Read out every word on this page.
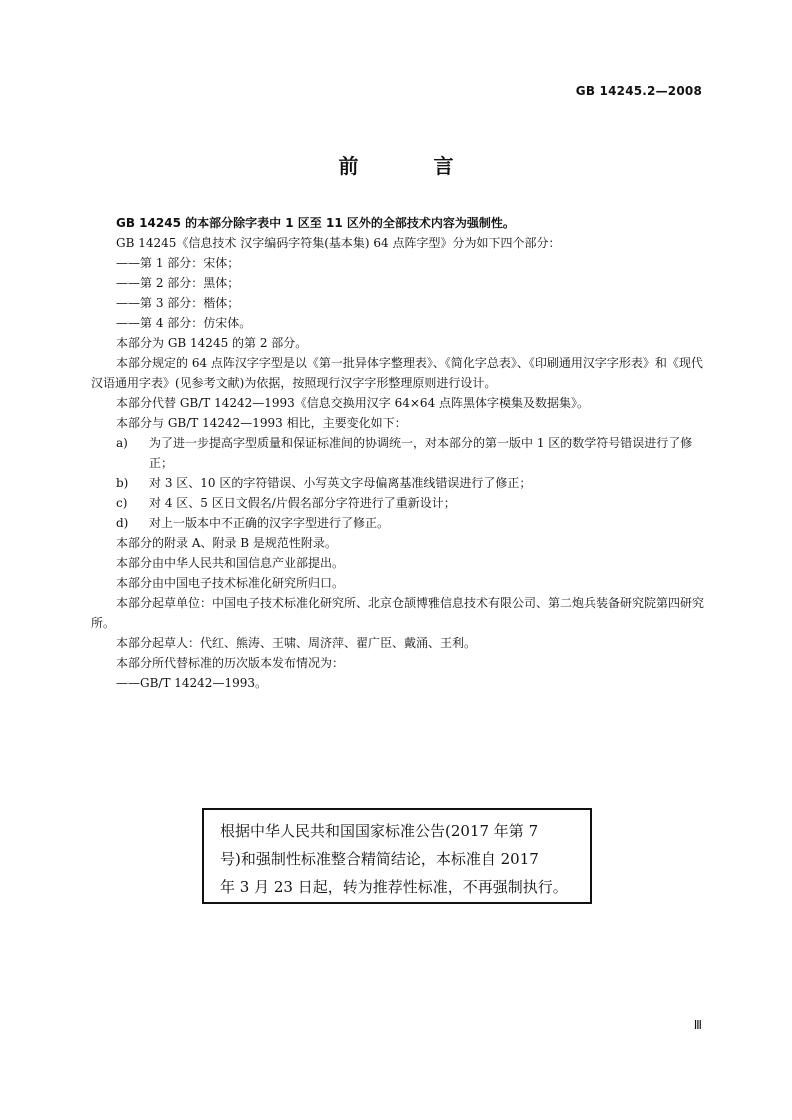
GB 14245.2—2008
前 言

GB 14245 的本部分除字表中 1 区至 11 区外的全部技术内容为强制性。

GB 14245《信息技术 汉字编码字符集(基本集) 64 点阵字型》分为如下四个部分：

——第 1 部分：宋体；

——第 2 部分：黑体；

——第 3 部分：楷体；

——第 4 部分：仿宋体。

本部分为 GB 14245 的第 2 部分。

本部分规定的 64 点阵汉字字型是以《第一批异体字整理表》、《简化字总表》、《印刷通用汉字字形表》和《现代汉语通用字表》(见参考文献)为依据，按照现行汉字字形整理原则进行设计。

本部分代替 GB/T 14242—1993《信息交换用汉字 64×64 点阵黑体字模集及数据集》。

本部分与 GB/T 14242—1993 相比，主要变化如下：

a) 为了进一步提高字型质量和保证标准间的协调统一，对本部分的第一版中 1 区的数学符号错误进行了修正；
b) 对 3 区、10 区的字符错误、小写英文字母偏离基准线错误进行了修正；
c) 对 4 区、5 区日文假名/片假名部分字符进行了重新设计；
d) 对上一版本中不正确的汉字字型进行了修正。

本部分的附录 A、附录 B 是规范性附录。

本部分由中华人民共和国信息产业部提出。

本部分由中国电子技术标准化研究所归口。

本部分起草单位：中国电子技术标准化研究所、北京仓颉博雅信息技术有限公司、第二炮兵装备研究院第四研究所。

本部分起草人：代红、熊涛、王啸、周济萍、翟广臣、戴涌、王利。

本部分所代替标准的历次版本发布情况为：

——GB/T 14242—1993。

根据中华人民共和国国家标准公告(2017 年第 7
号)和强制性标准整合精简结论，本标准自 2017
年 3 月 23 日起，转为推荐性标准，不再强制执行。
Ⅲ
